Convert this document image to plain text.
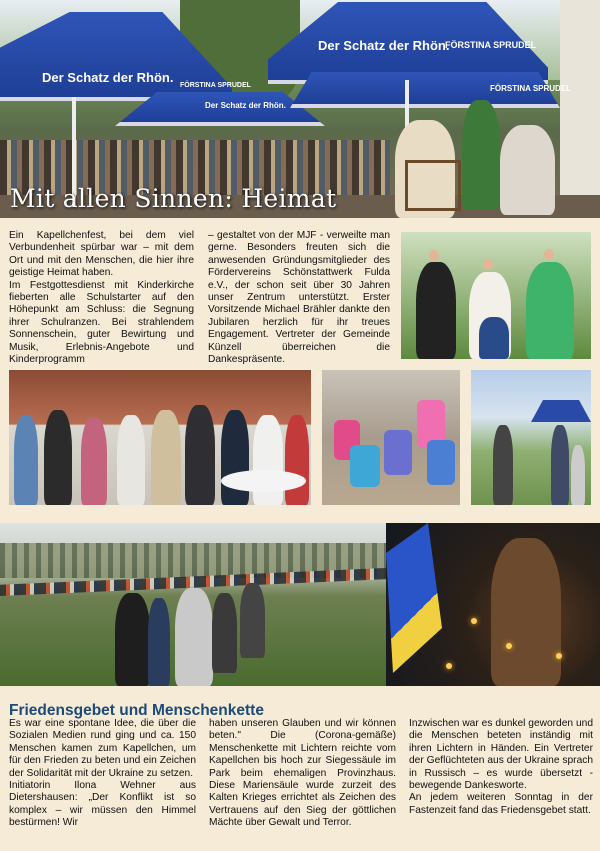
Der Schatz der Rhön.
FÖRSTINA SPRUDEL
Der Schatz der Rhön.
FÖRSTINA SPRUDEL
Der Schatz der Rhön.
FÖRSTINA SPRUDEL
Mit allen Sinnen: Heimat

Ein Kapellchenfest, bei dem viel Verbundenheit spürbar war – mit dem Ort und mit den Menschen, die hier ihre geistige Heimat haben.

Im Festgottesdienst mit Kinderkirche fieberten alle Schulstarter auf den Höhepunkt am Schluss: die Segnung ihrer Schulranzen. Bei strahlendem Sonnenschein, guter Bewirtung und Musik, Erlebnis-Angebote und Kinderprogramm

– gestaltet von der MJF - verweilte man gerne. Besonders freuten sich die anwesenden Gründungsmitglieder des Fördervereins Schönstattwerk Fulda e.V., der schon seit über 30 Jahren unser Zentrum unterstützt. Erster Vorsitzende Michael Brähler dankte den Jubilaren herzlich für ihr treues Engagement. Vertreter der Gemeinde Künzell überreichen die Dankespräsente.

Friedensgebet und Menschenkette

Es war eine spontane Idee, die über die Sozialen Medien rund ging und ca. 150 Menschen kamen zum Kapellchen, um für den Frieden zu beten und ein Zeichen der Solidarität mit der Ukraine zu setzen.

Initiatorin Ilona Wehner aus Dietershausen: „Der Konflikt ist so komplex – wir müssen den Himmel bestürmen! Wir

haben unseren Glauben und wir können beten." Die (Corona-gemäße) Menschenkette mit Lichtern reichte vom Kapellchen bis hoch zur Siegessäule im Park beim ehemaligen Provinzhaus. Diese Mariensäule wurde zurzeit des Kalten Krieges errichtet als Zeichen des Vertrauens auf den Sieg der göttlichen Mächte über Gewalt und Terror.

Inzwischen war es dunkel geworden und die Menschen beteten inständig mit ihren Lichtern in Händen. Ein Vertreter der Geflüchteten aus der Ukraine sprach in Russisch – es wurde übersetzt - bewegende Dankesworte.

An jedem weiteren Sonntag in der Fastenzeit fand das Friedensgebet statt.
